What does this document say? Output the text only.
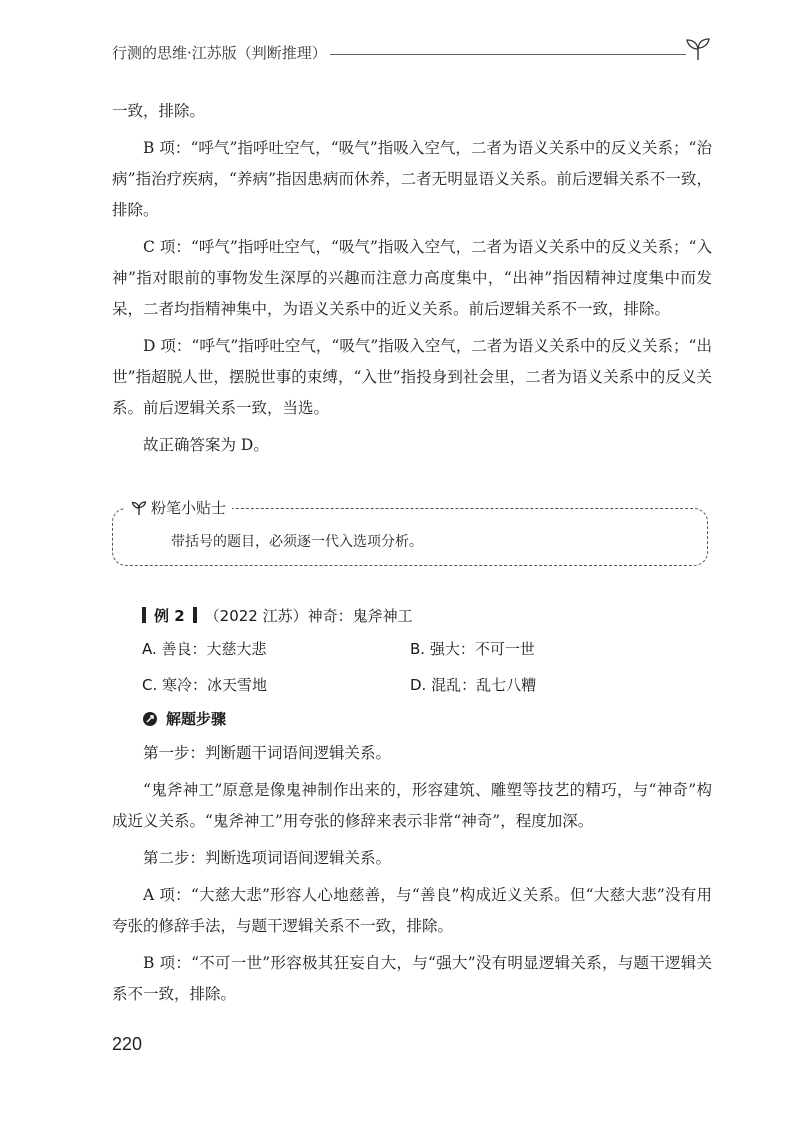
行测的思维·江苏版（判断推理）

一致，排除。

B 项：“呼气”指呼吐空气，“吸气”指吸入空气，二者为语义关系中的反义关系；“治病”指治疗疾病，“养病”指因患病而休养，二者无明显语义关系。前后逻辑关系不一致，排除。

C 项：“呼气”指呼吐空气，“吸气”指吸入空气，二者为语义关系中的反义关系；“入神”指对眼前的事物发生深厚的兴趣而注意力高度集中，“出神”指因精神过度集中而发呆，二者均指精神集中，为语义关系中的近义关系。前后逻辑关系不一致，排除。

D 项：“呼气”指呼吐空气，“吸气”指吸入空气，二者为语义关系中的反义关系；“出世”指超脱人世，摆脱世事的束缚，“入世”指投身到社会里，二者为语义关系中的反义关系。前后逻辑关系一致，当选。

故正确答案为 D。

粉笔小贴士
带括号的题目，必须逐一代入选项分析。
例 2 （2022 江苏）神奇：鬼斧神工
A. 善良：大慈大悲	B. 强大：不可一世
C. 寒冷：冰天雪地	D. 混乱：乱七八糟
解题步骤

第一步：判断题干词语间逻辑关系。

“鬼斧神工”原意是像鬼神制作出来的，形容建筑、雕塑等技艺的精巧，与“神奇”构成近义关系。“鬼斧神工”用夸张的修辞来表示非常“神奇”，程度加深。

第二步：判断选项词语间逻辑关系。

A 项：“大慈大悲”形容人心地慈善，与“善良”构成近义关系。但“大慈大悲”没有用夸张的修辞手法，与题干逻辑关系不一致，排除。

B 项：“不可一世”形容极其狂妄自大，与“强大”没有明显逻辑关系，与题干逻辑关系不一致，排除。

220
